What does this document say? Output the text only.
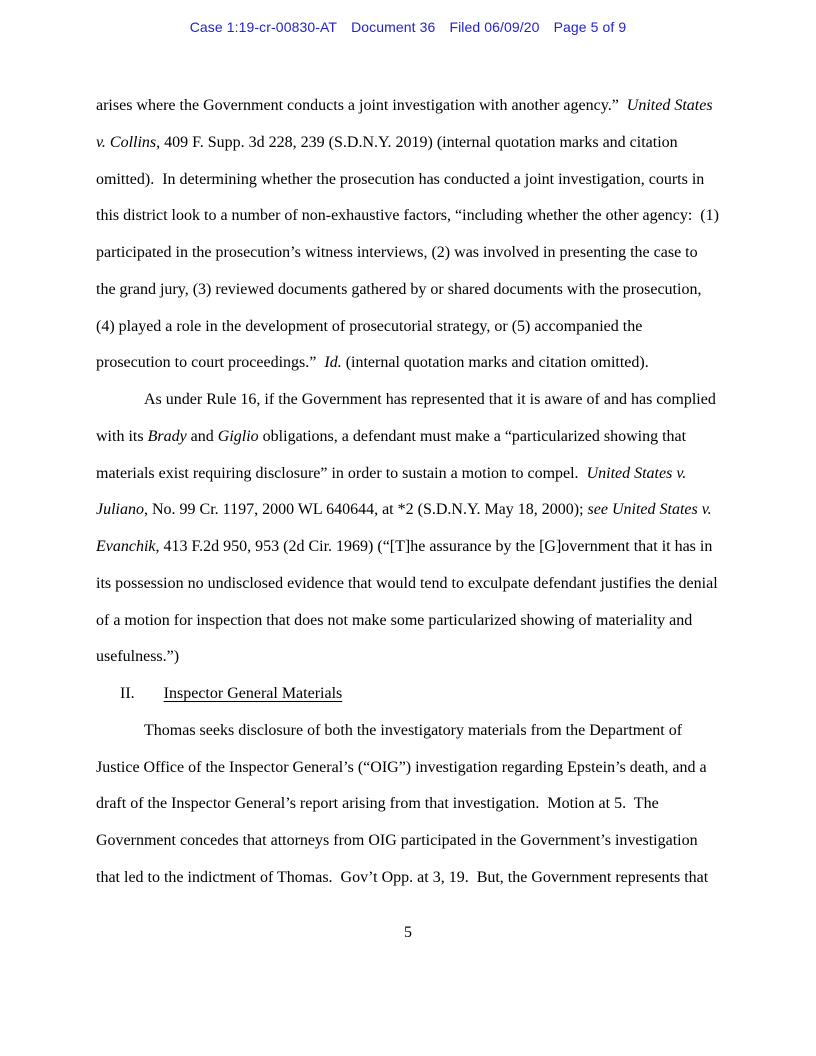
Case 1:19-cr-00830-AT Document 36 Filed 06/09/20 Page 5 of 9
arises where the Government conducts a joint investigation with another agency.”  United States
v. Collins, 409 F. Supp. 3d 228, 239 (S.D.N.Y. 2019) (internal quotation marks and citation
omitted).  In determining whether the prosecution has conducted a joint investigation, courts in
this district look to a number of non-exhaustive factors, “including whether the other agency:  (1)
participated in the prosecution’s witness interviews, (2) was involved in presenting the case to
the grand jury, (3) reviewed documents gathered by or shared documents with the prosecution,
(4) played a role in the development of prosecutorial strategy, or (5) accompanied the
prosecution to court proceedings.”  Id. (internal quotation marks and citation omitted).
As under Rule 16, if the Government has represented that it is aware of and has complied
with its Brady and Giglio obligations, a defendant must make a “particularized showing that
materials exist requiring disclosure” in order to sustain a motion to compel.  United States v.
Juliano, No. 99 Cr. 1197, 2000 WL 640644, at *2 (S.D.N.Y. May 18, 2000); see United States v.
Evanchik, 413 F.2d 950, 953 (2d Cir. 1969) (“[T]he assurance by the [G]overnment that it has in
its possession no undisclosed evidence that would tend to exculpate defendant justifies the denial
of a motion for inspection that does not make some particularized showing of materiality and
usefulness.”)
II. Inspector General Materials
Thomas seeks disclosure of both the investigatory materials from the Department of
Justice Office of the Inspector General’s (“OIG”) investigation regarding Epstein’s death, and a
draft of the Inspector General’s report arising from that investigation.  Motion at 5.  The
Government concedes that attorneys from OIG participated in the Government’s investigation
that led to the indictment of Thomas.  Gov’t Opp. at 3, 19.  But, the Government represents that
5
